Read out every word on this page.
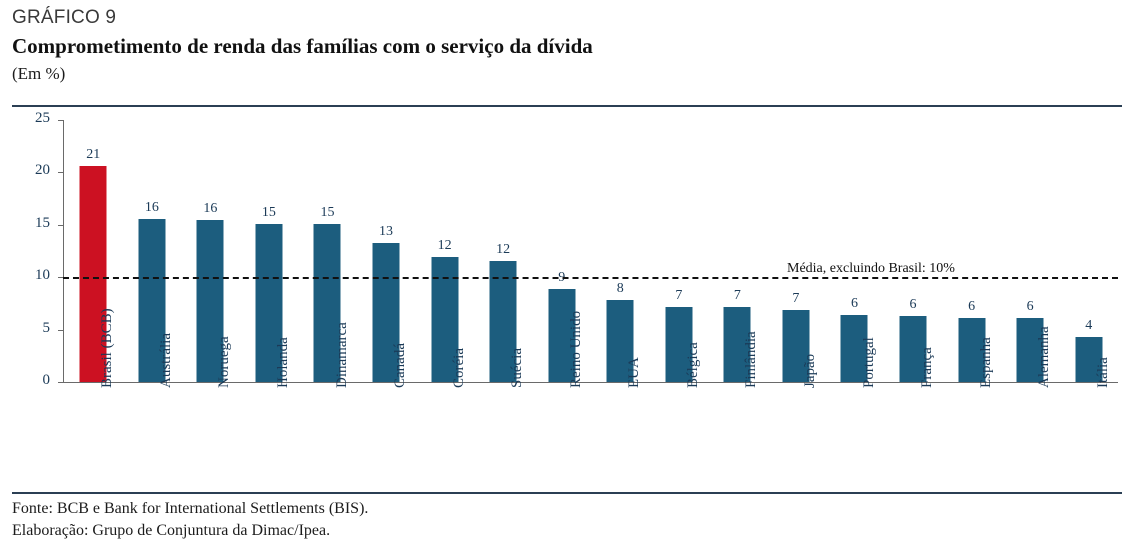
GRÁFICO 9
Comprometimento de renda das famílias com o serviço da dívida
(Em %)
0
5
10
15
20
25
21
16	16	15	15
13
12	12
9
8	7	7	7	6	6	6	6
4
Brasil (BCB)	Austrália	Noruega	Holanda	Dinamarca	Canadá	Coréia	Suécia	Reino Unido	EUA	Bélgica	Finlândia	Japão	Portugal	França	Espanha	Alemanha	Itália
Média, excluindo Brasil: 10%
Fonte: BCB e Bank for International Settlements (BIS).
Elaboração: Grupo de Conjuntura da Dimac/Ipea.
